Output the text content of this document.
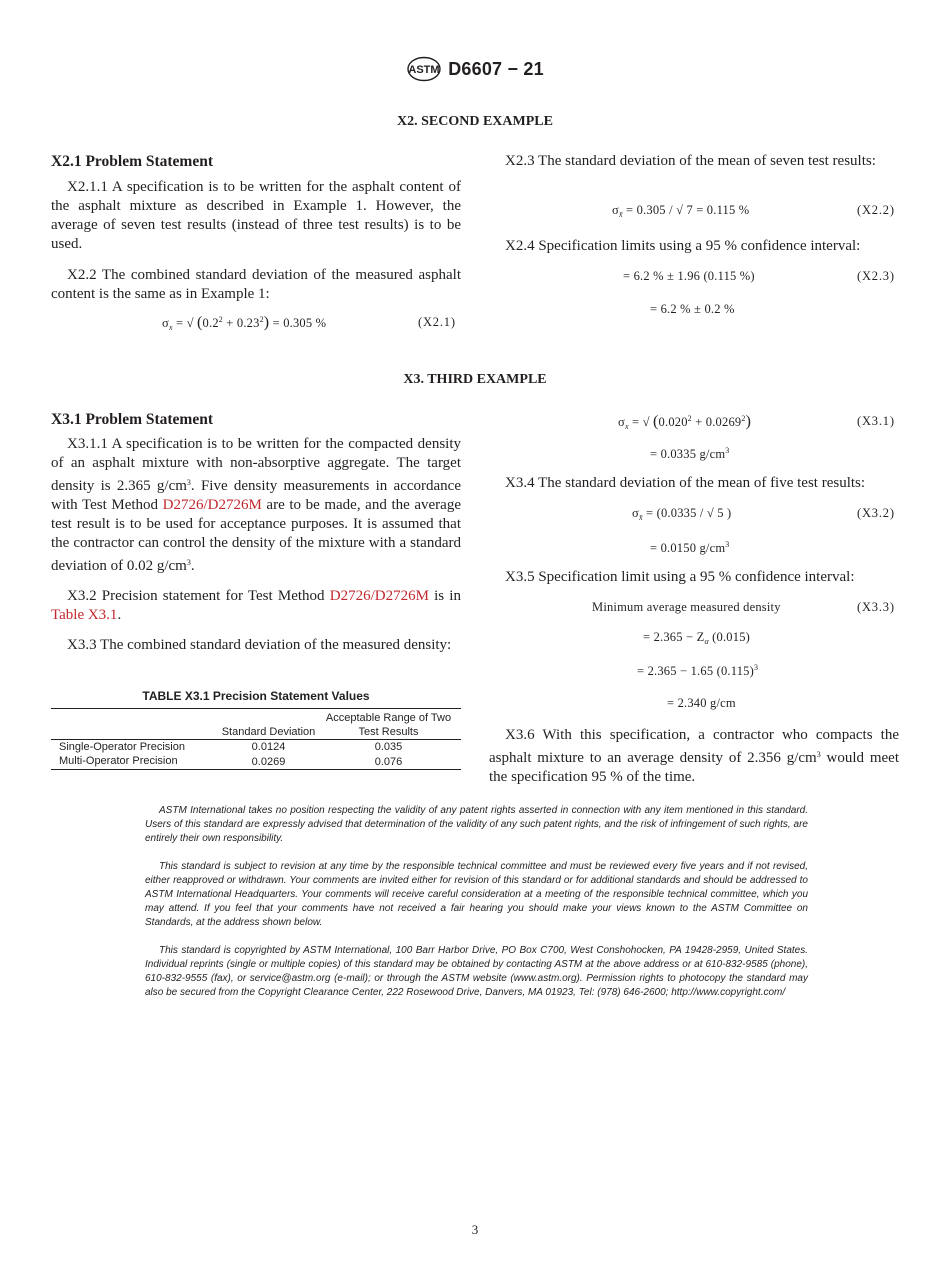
ASTM D6607 − 21
X2. SECOND EXAMPLE

X2.1 Problem Statement

X2.1.1 A specification is to be written for the asphalt content of the asphalt mixture as described in Example 1. However, the average of seven test results (instead of three test results) is to be used.

X2.2 The combined standard deviation of the measured asphalt content is the same as in Example 1:

$\sigma_x$ = √ $(0.2^2 + 0.23^2) = 0.305$ %	(X2.1)

X2.3 The standard deviation of the mean of seven test results:

$\sigma_{x̄} = 0.305$ / √ 7 = 0.115 %	(X2.2)

X2.4 Specification limits using a 95 % confidence interval:

= 6.2 % ± 1.96 (0.115 %)	(X2.3)
= 6.2 % ± 0.2 %
X3. THIRD EXAMPLE

X3.1 Problem Statement

X3.1.1 A specification is to be written for the compacted density of an asphalt mixture with non-absorptive aggregate. The target density is 2.365 $g/cm^3$. Five density measurements in accordance with Test Method D2726/D2726M are to be made, and the average test result is to be used for acceptance purposes. It is assumed that the contractor can control the density of the mixture with a standard deviation of 0.02 $g/cm^3$.

X3.2 Precision statement for Test Method D2726/D2726M is in Table X3.1.

X3.3 The combined standard deviation of the measured density:

TABLE X3.1 Precision Statement Values
	Standard Deviation	Acceptable Range of Two Test Results
Single-Operator Precision	0.0124	0.035
Multi-Operator Precision	0.0269	0.076
$\sigma_x$ = √ $(0.020^2 + 0.0269^2)$	(X3.1)
= 0.0335 $g/cm^3$

X3.4 The standard deviation of the mean of five test results:

$\sigma_{x̄} = (0.0335$ / √ 5 )	(X3.2)
= 0.0150 $g/cm^3$

X3.5 Specification limit using a 95 % confidence interval:

Minimum average measured density	(X3.3)
= $2.365 - Z_\alpha$ (0.015)
= 2.365 − 1.65 $(0.115)^3$
= 2.340 g/cm

X3.6 With this specification, a contractor who compacts the asphalt mixture to an average density of 2.356 $g/cm^3$ would meet the specification 95 % of the time.

ASTM International takes no position respecting the validity of any patent rights asserted in connection with any item mentioned in this standard. Users of this standard are expressly advised that determination of the validity of any such patent rights, and the risk of infringement of such rights, are entirely their own responsibility.

This standard is subject to revision at any time by the responsible technical committee and must be reviewed every five years and if not revised, either reapproved or withdrawn. Your comments are invited either for revision of this standard or for additional standards and should be addressed to ASTM International Headquarters. Your comments will receive careful consideration at a meeting of the responsible technical committee, which you may attend. If you feel that your comments have not received a fair hearing you should make your views known to the ASTM Committee on Standards, at the address shown below.

This standard is copyrighted by ASTM International, 100 Barr Harbor Drive, PO Box C700, West Conshohocken, PA 19428-2959, United States. Individual reprints (single or multiple copies) of this standard may be obtained by contacting ASTM at the above address or at 610-832-9585 (phone), 610-832-9555 (fax), or service@astm.org (e-mail); or through the ASTM website (www.astm.org). Permission rights to photocopy the standard may also be secured from the Copyright Clearance Center, 222 Rosewood Drive, Danvers, MA 01923, Tel: (978) 646-2600; http://www.copyright.com/

3
